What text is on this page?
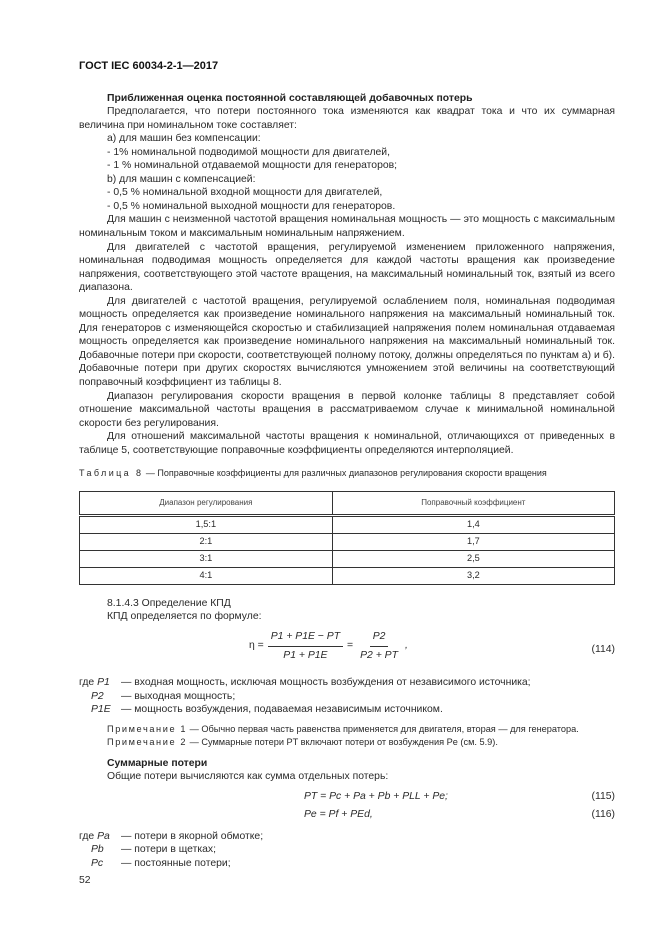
ГОСТ IEC 60034-2-1—2017

Приближенная оценка постоянной составляющей добавочных потерь

Предполагается, что потери постоянного тока изменяются как квадрат тока и что их суммарная величина при номинальном токе составляет:

а) для машин без компенсации:

- 1% номинальной подводимой мощности для двигателей,

- 1 % номинальной отдаваемой мощности для генераторов;

b) для машин с компенсацией:

- 0,5 % номинальной входной мощности для двигателей,

- 0,5 % номинальной выходной мощности для генераторов.

Для машин с неизменной частотой вращения номинальная мощность — это мощность с максимальным номинальным током и максимальным номинальным напряжением.

Для двигателей с частотой вращения, регулируемой изменением приложенного напряжения, номинальная подводимая мощность определяется для каждой частоты вращения как произведение напряжения, соответствующего этой частоте вращения, на максимальный номинальный ток, взятый из всего диапазона.

Для двигателей с частотой вращения, регулируемой ослаблением поля, номинальная подводимая мощность определяется как произведение номинального напряжения на максимальный номинальный ток. Для генераторов с изменяющейся скоростью и стабилизацией напряжения полем номинальная отдаваемая мощность определяется как произведение номинального напряжения на максимальный номинальный ток. Добавочные потери при скорости, соответствующей полному потоку, должны определяться по пунктам а) и б). Добавочные потери при других скоростях вычисляются умножением этой величины на соответствующий поправочный коэффициент из таблицы 8.

Диапазон регулирования скорости вращения в первой колонке таблицы 8 представляет собой отношение максимальной частоты вращения в рассматриваемом случае к минимальной номинальной скорости без регулирования.

Для отношений максимальной частоты вращения к номинальной, отличающихся от приведенных в таблице 5, соответствующие поправочные коэффициенты определяются интерполяцией.

Таблица 8 — Поправочные коэффициенты для различных диапазонов регулирования скорости вращения
Диапазон регулирования	Поправочный коэффициент
1,5:1	1,4
2:1	1,7
3:1	2,5
4:1	3,2

8.1.4.3 Определение КПД

КПД определяется по формуле:

$\eta = \frac{P1 + P1E - PT}{P1 + P1E} = \frac{P2}{P2 + PT}$ ,	(114)
где P1	— входная мощность, исключая мощность возбуждения от независимого источника;
P2	— выходная мощность;
P1E — мощность возбуждения, подаваемая независимым источником.
Примечание 1 — Обычно первая часть равенства применяется для двигателя, вторая — для генератора.
Примечание 2 — Суммарные потери PT включают потери от возбуждения Pe (см. 5.9).

Суммарные потери

Общие потери вычисляются как сумма отдельных потерь:

PT = Pc + Pa + Pb + PLL + Pe;	(115)
Pe = Pf + PEd,	(116)
где Pa	— потери в якорной обмотке;
Pb	— потери в щетках;
Pc	— постоянные потери;
52
